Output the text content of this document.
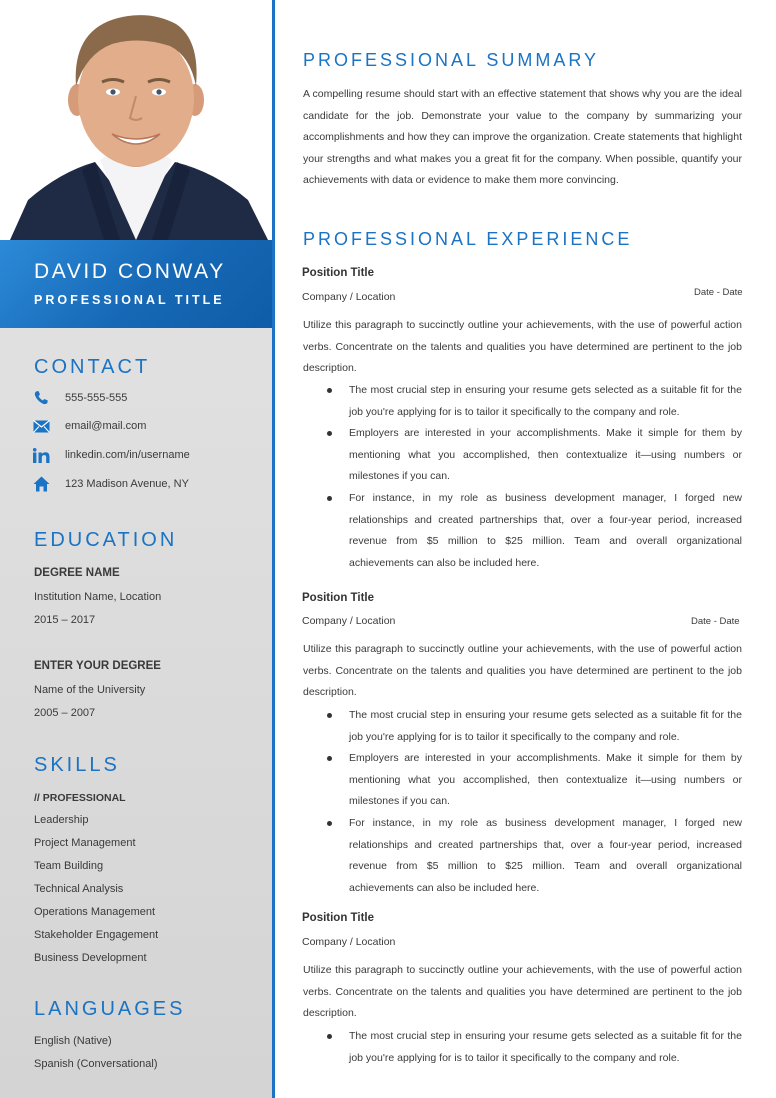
DAVID CONWAY
PROFESSIONAL TITLE
CONTACT
555-555-555
email@mail.com
linkedin.com/in/username
123 Madison Avenue, NY
EDUCATION
DEGREE NAME
Institution Name, Location
2015 – 2017
ENTER YOUR DEGREE
Name of the University
2005 – 2007
SKILLS
// PROFESSIONAL
Leadership
Project Management
Team Building
Technical Analysis
Operations Management
Stakeholder Engagement
Business Development
LANGUAGES
English (Native)
Spanish (Conversational)
PROFESSIONAL SUMMARY
A compelling resume should start with an effective statement that shows why you are the ideal candidate for the job. Demonstrate your value to the company by summarizing your accomplishments and how they can improve the organization. Create statements that highlight your strengths and what makes you a great fit for the company. When possible, quantify your achievements with data or evidence to make them more convincing.
PROFESSIONAL EXPERIENCE
Position Title
Company / Location	Date - Date
Utilize this paragraph to succinctly outline your achievements, with the use of powerful action verbs. Concentrate on the talents and qualities you have determined are pertinent to the job description.
The most crucial step in ensuring your resume gets selected as a suitable fit for the job you're applying for is to tailor it specifically to the company and role.
Employers are interested in your accomplishments. Make it simple for them by mentioning what you accomplished, then contextualize it—using numbers or milestones if you can.
For instance, in my role as business development manager, I forged new relationships and created partnerships that, over a four-year period, increased revenue from $5 million to $25 million. Team and overall organizational achievements can also be included here.
Position Title
Company / Location	Date - Date
Utilize this paragraph to succinctly outline your achievements, with the use of powerful action verbs. Concentrate on the talents and qualities you have determined are pertinent to the job description.
The most crucial step in ensuring your resume gets selected as a suitable fit for the job you're applying for is to tailor it specifically to the company and role.
Employers are interested in your accomplishments. Make it simple for them by mentioning what you accomplished, then contextualize it—using numbers or milestones if you can.
For instance, in my role as business development manager, I forged new relationships and created partnerships that, over a four-year period, increased revenue from $5 million to $25 million. Team and overall organizational achievements can also be included here.
Position Title
Company / Location
Utilize this paragraph to succinctly outline your achievements, with the use of powerful action verbs. Concentrate on the talents and qualities you have determined are pertinent to the job description.
The most crucial step in ensuring your resume gets selected as a suitable fit for the job you're applying for is to tailor it specifically to the company and role.
